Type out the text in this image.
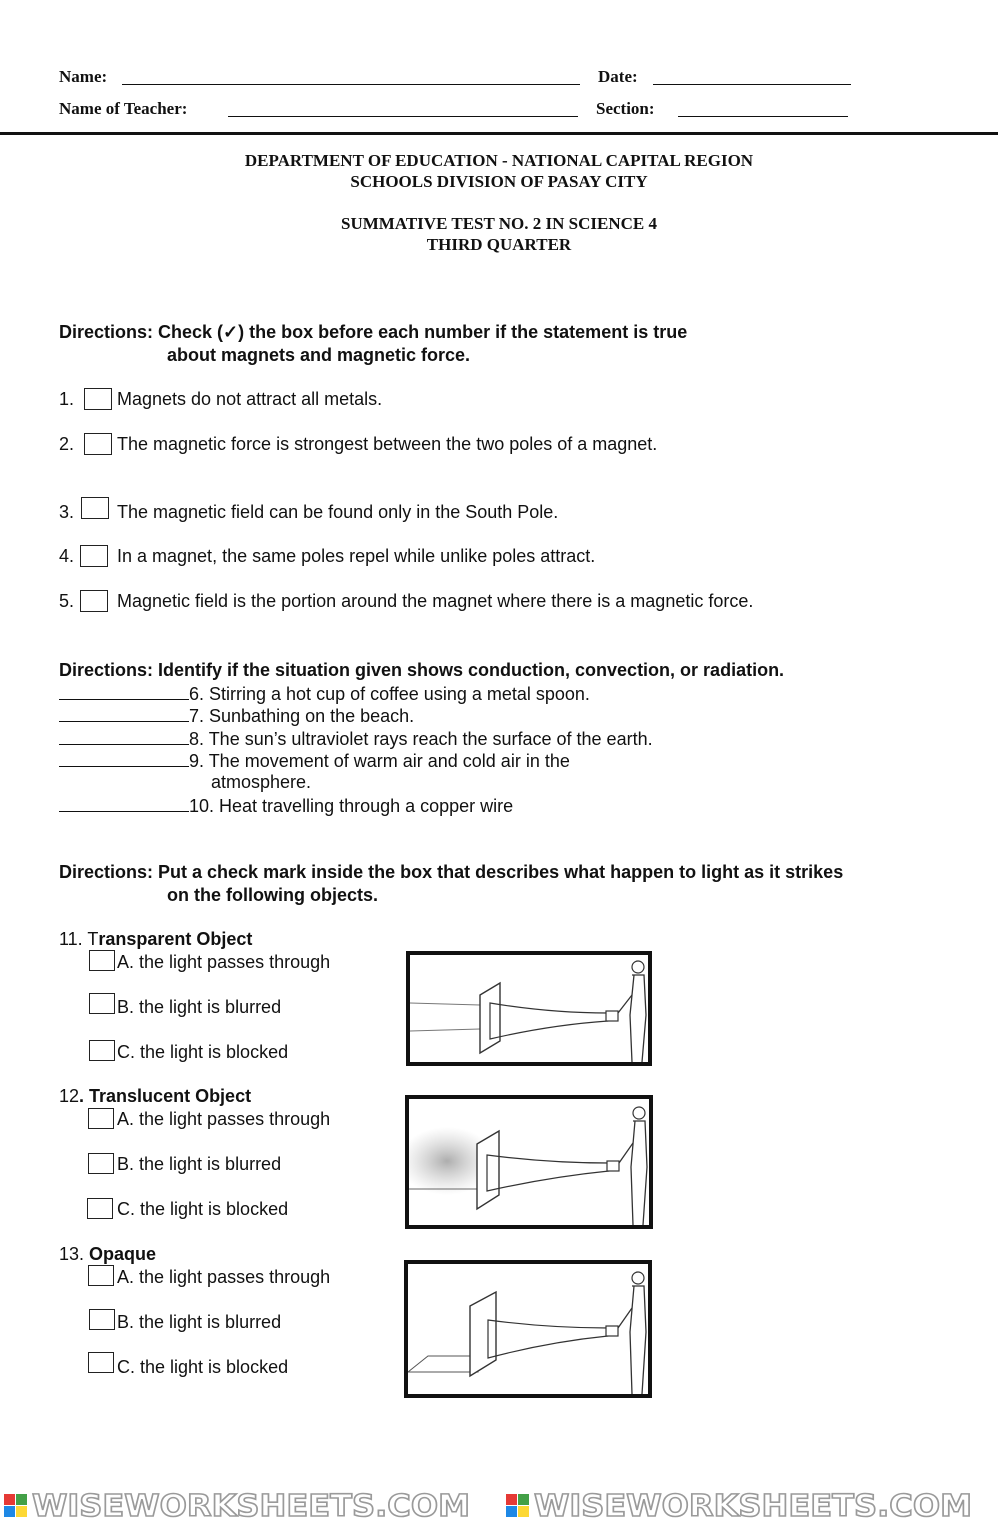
Name:	Date:
Name of Teacher:	Section:
DEPARTMENT OF EDUCATION - NATIONAL CAPITAL REGION
SCHOOLS DIVISION OF PASAY CITY
SUMMATIVE TEST NO. 2 IN SCIENCE 4
THIRD QUARTER
Directions: Check (✓) the box before each number if the statement is true
about magnets and magnetic force.
1. Magnets do not attract all metals.
2. The magnetic force is strongest between the two poles of a magnet.
3. The magnetic field can be found only in the South Pole.
4. In a magnet, the same poles repel while unlike poles attract.
5. Magnetic field is the portion around the magnet where there is a magnetic force.
Directions: Identify if the situation given shows conduction, convection, or radiation.
6. Stirring a hot cup of coffee using a metal spoon.
7. Sunbathing on the beach.
8. The sun’s ultraviolet rays reach the surface of the earth.
9. The movement of warm air and cold air in the
atmosphere.
10. Heat travelling through a copper wire
Directions: Put a check mark inside the box that describes what happen to light as it strikes
on the following objects.
11. Transparent Object
A. the light passes through
B. the light is blurred
C. the light is blocked
12. Translucent Object
A. the light passes through
B. the light is blurred
C. the light is blocked
13. Opaque
A. the light passes through
B. the light is blurred
C. the light is blocked
WISEWORKSHEETS.COM WISEWORKSHEETS.COM
